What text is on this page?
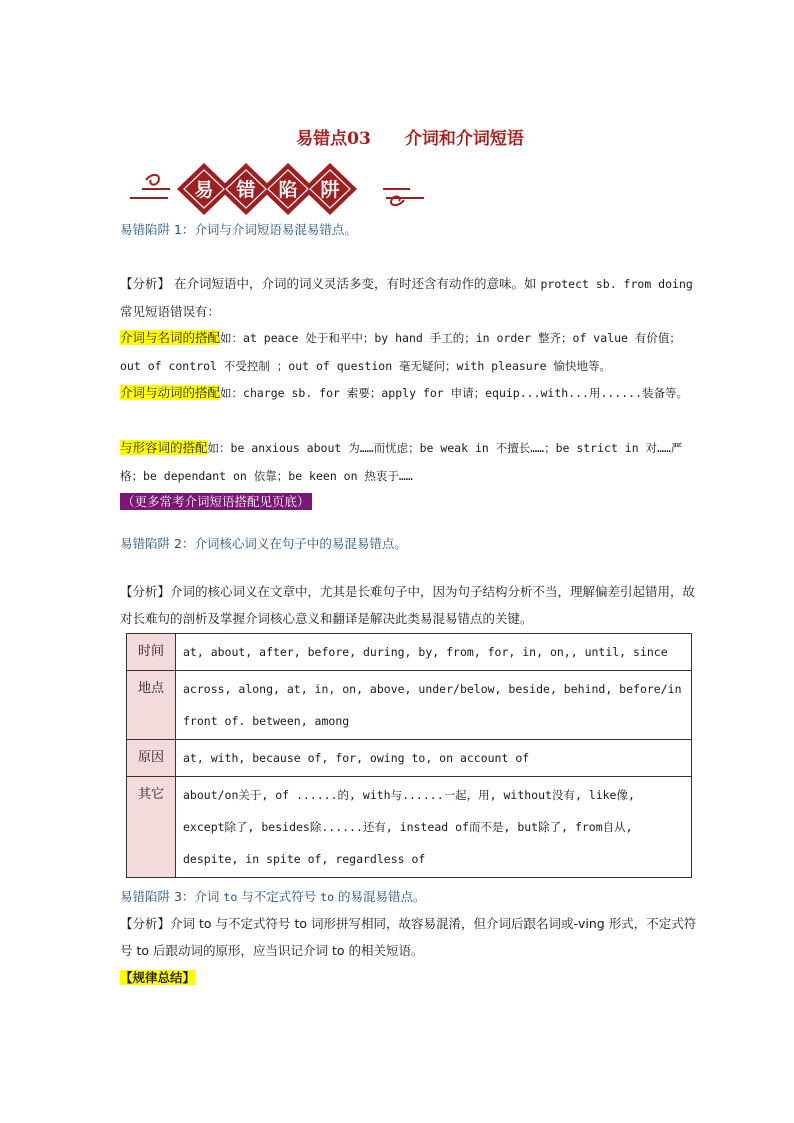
易错点03 介词和介词短语
易 错 陷 阱
易错陷阱 1：介词与介词短语易混易错点。
【分析】 在介词短语中，介词的词义灵活多变，有时还含有动作的意味。如 protect sb. from doing 常见短语错误有：
介词与名词的搭配如：at peace 处于和平中；by hand 手工的；in order 整齐；of value 有价值；out of control 不受控制 ；out of question 毫无疑问；with pleasure 愉快地等。
介词与动词的搭配如：charge sb. for 索要；apply for 申请；equip...with...用......装备等。
与形容词的搭配如：be anxious about 为……而忧虑；be weak in 不擅长……；be strict in 对……严格；be dependant on 依靠；be keen on 热衷于……
（更多常考介词短语搭配见页底）
易错陷阱 2：介词核心词义在句子中的易混易错点。
【分析】介词的核心词义在文章中，尤其是长难句子中，因为句子结构分析不当，理解偏差引起错用，故对长难句的剖析及掌握介词核心意义和翻译是解决此类易混易错点的关键。
时间	at, about, after, before, during, by, from, for, in, on,, until, since
地点	across, along, at, in, on, above, under/below, beside, behind, before/in front of. between, among
原因	at, with, because of, for, owing to, on account of
其它	about/on关于, of ......的, with与......一起，用, without没有, like像, except除了, besides除......还有, instead of而不是, but除了, from自从, despite, in spite of, regardless of
易错陷阱 3：介词 to 与不定式符号 to 的易混易错点。
【分析】介词 to 与不定式符号 to 词形拼写相同，故容易混淆，但介词后跟名词或-ving 形式，不定式符号 to 后跟动词的原形，应当识记介词 to 的相关短语。
【规律总结】
